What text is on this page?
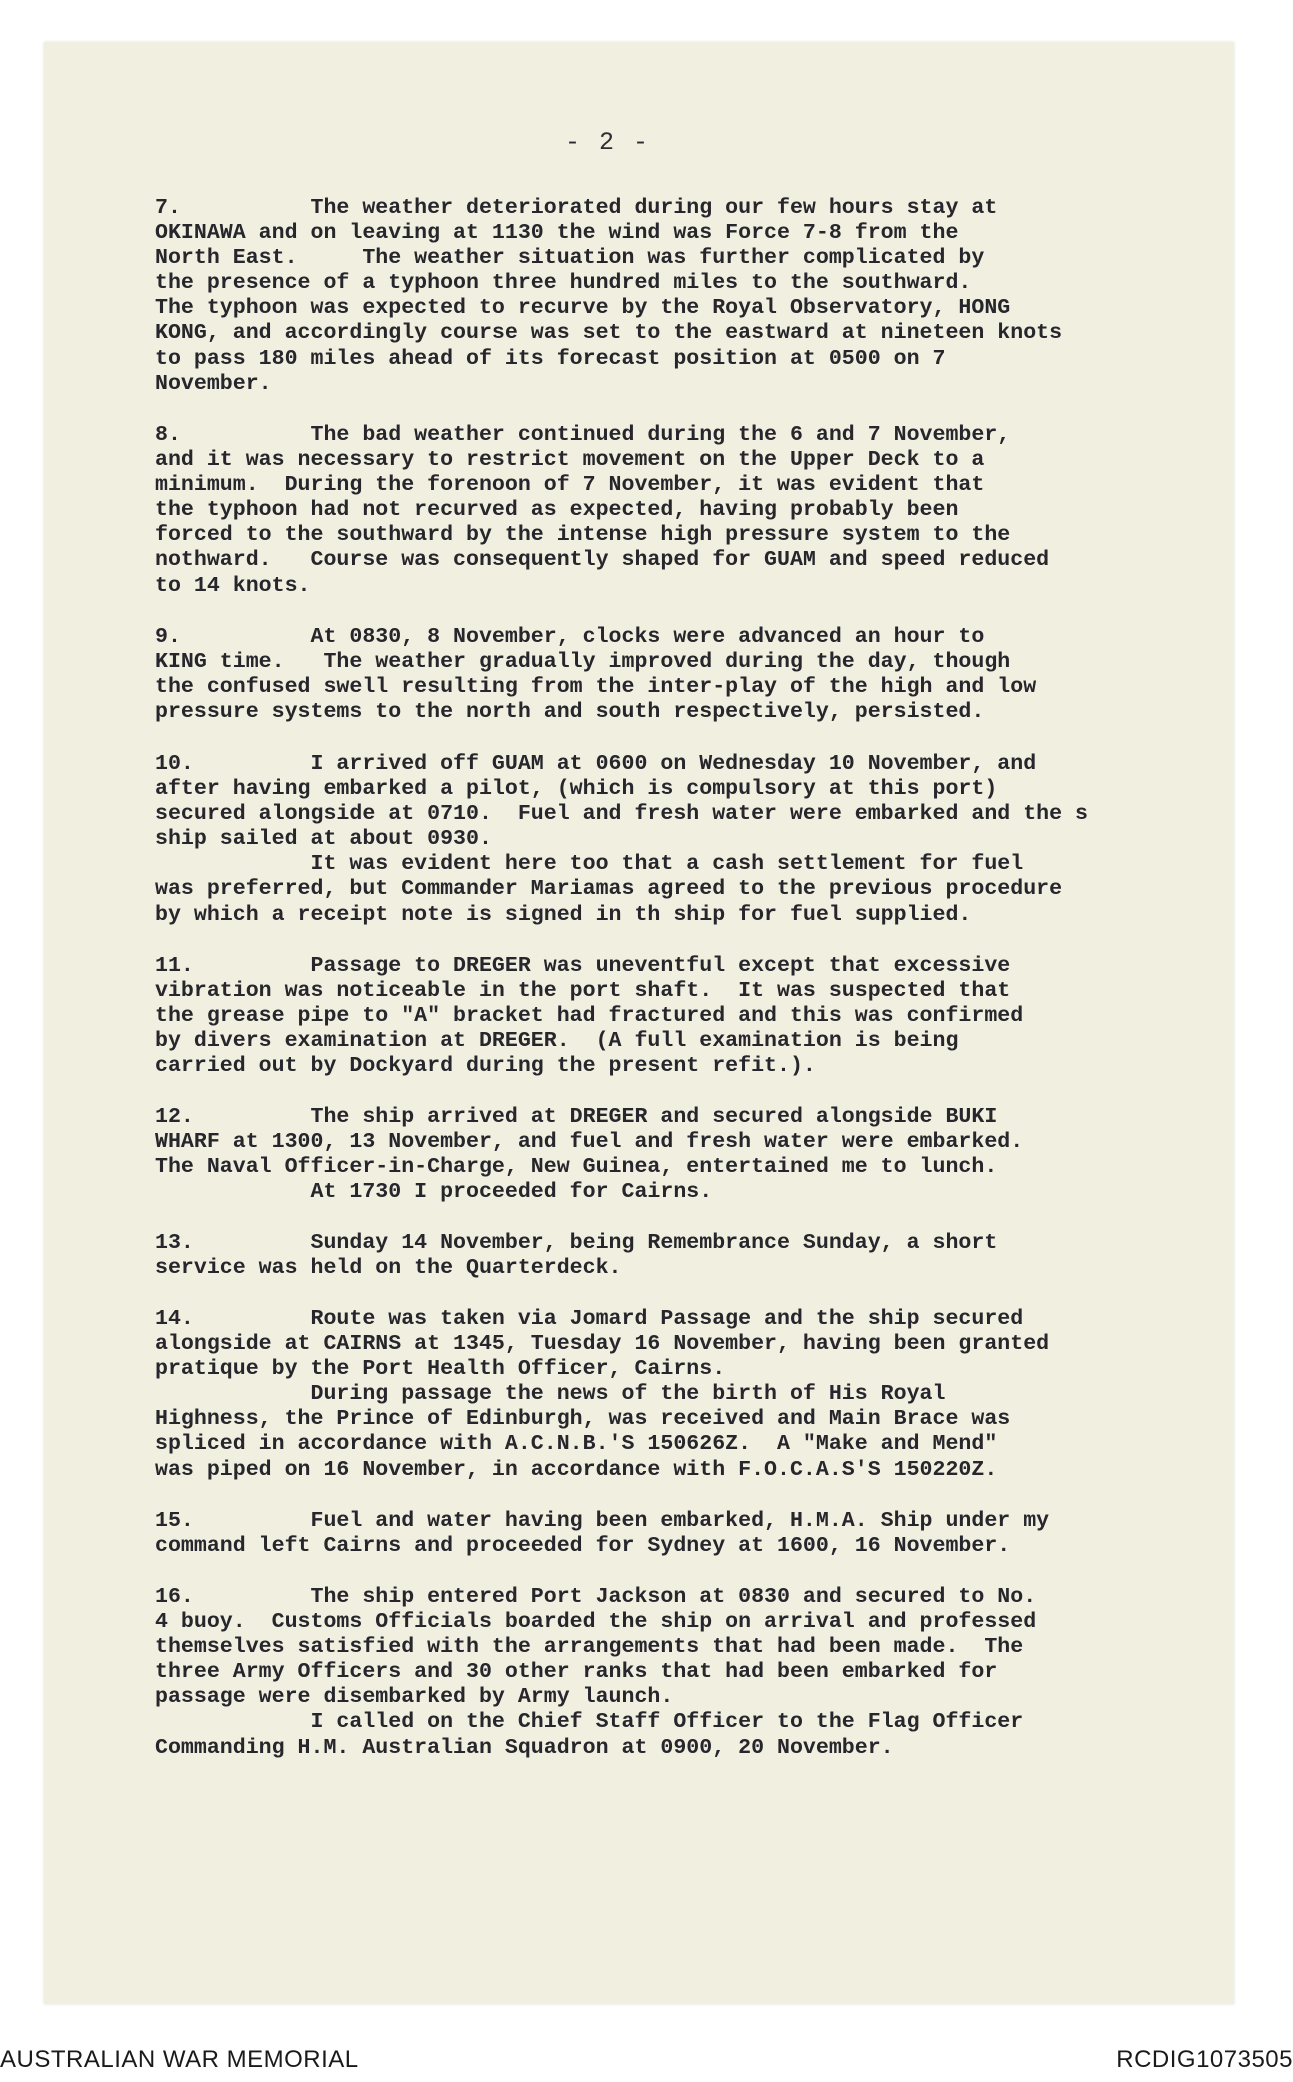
- 2 -

7.          The weather deteriorated during our few hours stay at
OKINAWA and on leaving at 1130 the wind was Force 7-8 from the
North East.     The weather situation was further complicated by
the presence of a typhoon three hundred miles to the southward.
The typhoon was expected to recurve by the Royal Observatory, HONG
KONG, and accordingly course was set to the eastward at nineteen knots
to pass 180 miles ahead of its forecast position at 0500 on 7
November.

8.          The bad weather continued during the 6 and 7 November,
and it was necessary to restrict movement on the Upper Deck to a
minimum.  During the forenoon of 7 November, it was evident that
the typhoon had not recurved as expected, having probably been
forced to the southward by the intense high pressure system to the
nothward.   Course was consequently shaped for GUAM and speed reduced
to 14 knots.

9.          At 0830, 8 November, clocks were advanced an hour to
KING time.   The weather gradually improved during the day, though
the confused swell resulting from the inter-play of the high and low
pressure systems to the north and south respectively, persisted.

10.         I arrived off GUAM at 0600 on Wednesday 10 November, and
after having embarked a pilot, (which is compulsory at this port)
secured alongside at 0710.  Fuel and fresh water were embarked and the s
ship sailed at about 0930.
It was evident here too that a cash settlement for fuel
was preferred, but Commander Mariamas agreed to the previous procedure
by which a receipt note is signed in th ship for fuel supplied.

11.         Passage to DREGER was uneventful except that excessive
vibration was noticeable in the port shaft.  It was suspected that
the grease pipe to "A" bracket had fractured and this was confirmed
by divers examination at DREGER.  (A full examination is being
carried out by Dockyard during the present refit.).

12.         The ship arrived at DREGER and secured alongside BUKI
WHARF at 1300, 13 November, and fuel and fresh water were embarked.
The Naval Officer-in-Charge, New Guinea, entertained me to lunch.
At 1730 I proceeded for Cairns.

13.         Sunday 14 November, being Remembrance Sunday, a short
service was held on the Quarterdeck.

14.         Route was taken via Jomard Passage and the ship secured
alongside at CAIRNS at 1345, Tuesday 16 November, having been granted
pratique by the Port Health Officer, Cairns.
During passage the news of the birth of His Royal
Highness, the Prince of Edinburgh, was received and Main Brace was
spliced in accordance with A.C.N.B.'S 150626Z.  A "Make and Mend"
was piped on 16 November, in accordance with F.O.C.A.S'S 150220Z.

15.         Fuel and water having been embarked, H.M.A. Ship under my
command left Cairns and proceeded for Sydney at 1600, 16 November.

16.         The ship entered Port Jackson at 0830 and secured to No.
4 buoy.  Customs Officials boarded the ship on arrival and professed
themselves satisfied with the arrangements that had been made.  The
three Army Officers and 30 other ranks that had been embarked for
passage were disembarked by Army launch.
I called on the Chief Staff Officer to the Flag Officer
Commanding H.M. Australian Squadron at 0900, 20 November.

AUSTRALIAN WAR MEMORIAL	RCDIG1073505
